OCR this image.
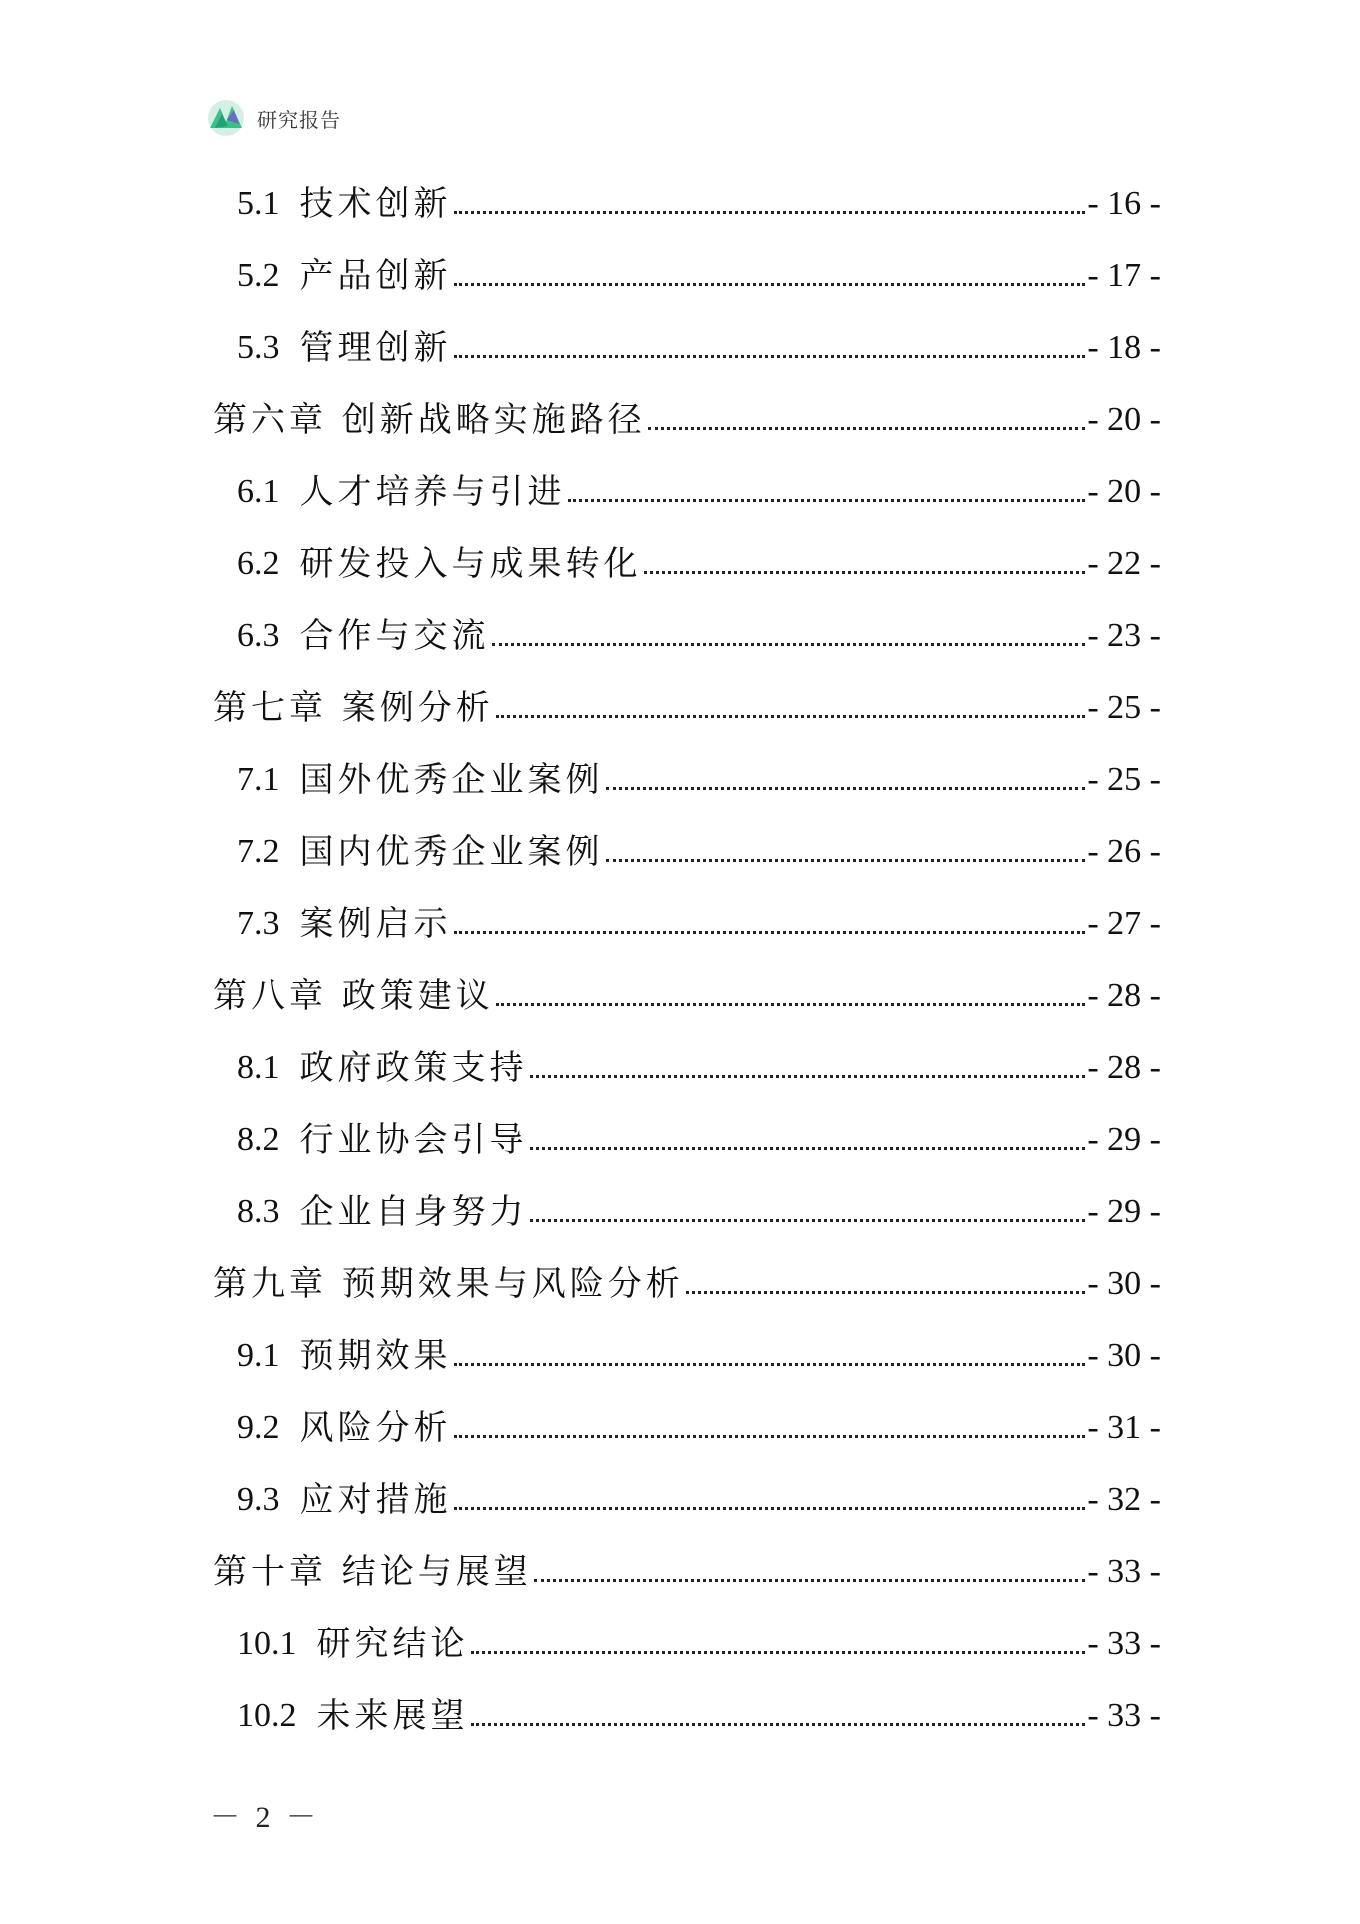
研究报告
5.1 技术创新	- 16 -
5.2 产品创新	- 17 -
5.3 管理创新	- 18 -
第六章 创新战略实施路径	- 20 -
6.1 人才培养与引进	- 20 -
6.2 研发投入与成果转化	- 22 -
6.3 合作与交流	- 23 -
第七章 案例分析	- 25 -
7.1 国外优秀企业案例	- 25 -
7.2 国内优秀企业案例	- 26 -
7.3 案例启示	- 27 -
第八章 政策建议	- 28 -
8.1 政府政策支持	- 28 -
8.2 行业协会引导	- 29 -
8.3 企业自身努力	- 29 -
第九章 预期效果与风险分析	- 30 -
9.1 预期效果	- 30 -
9.2 风险分析	- 31 -
9.3 应对措施	- 32 -
第十章 结论与展望	- 33 -
10.1 研究结论	- 33 -
10.2 未来展望	- 33 -
－ 2 －
